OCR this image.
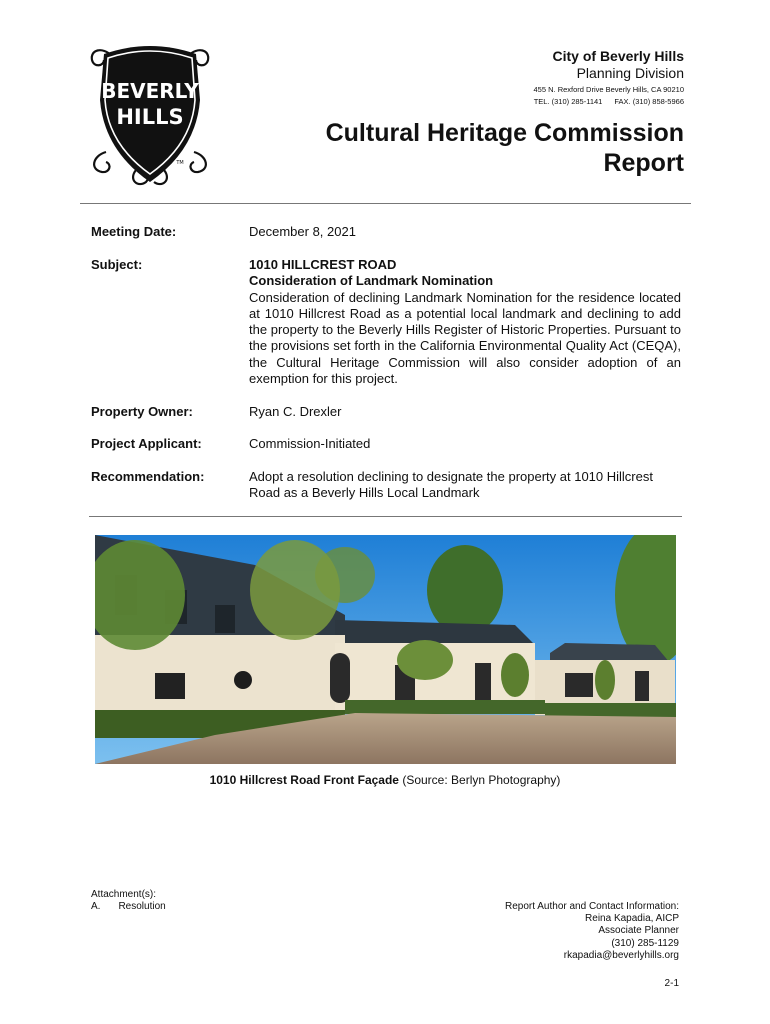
BEVERLY
HILLS
TM
City of Beverly Hills
Planning Division
455 N. Rexford Drive Beverly Hills, CA 90210
TEL. (310) 285-1141 FAX. (310) 858-5966
Cultural Heritage Commission
Report
Meeting Date:	December 8, 2021
Subject:	1010 HILLCREST ROAD
Consideration of Landmark Nomination
Consideration of declining Landmark Nomination for the residence located at 1010 Hillcrest Road as a potential local landmark and declining to add the property to the Beverly Hills Register of Historic Properties. Pursuant to the provisions set forth in the California Environmental Quality Act (CEQA), the Cultural Heritage Commission will also consider adoption of an exemption for this project.
Property Owner:	Ryan C. Drexler
Project Applicant:	Commission-Initiated
Recommendation:	Adopt a resolution declining to designate the property at 1010 Hillcrest Road as a Beverly Hills Local Landmark
1010 Hillcrest Road Front Façade (Source: Berlyn Photography)
Attachment(s):
A. Resolution	Report Author and Contact Information:
Reina Kapadia, AICP
Associate Planner
(310) 285-1129
rkapadia@beverlyhills.org
2-1
